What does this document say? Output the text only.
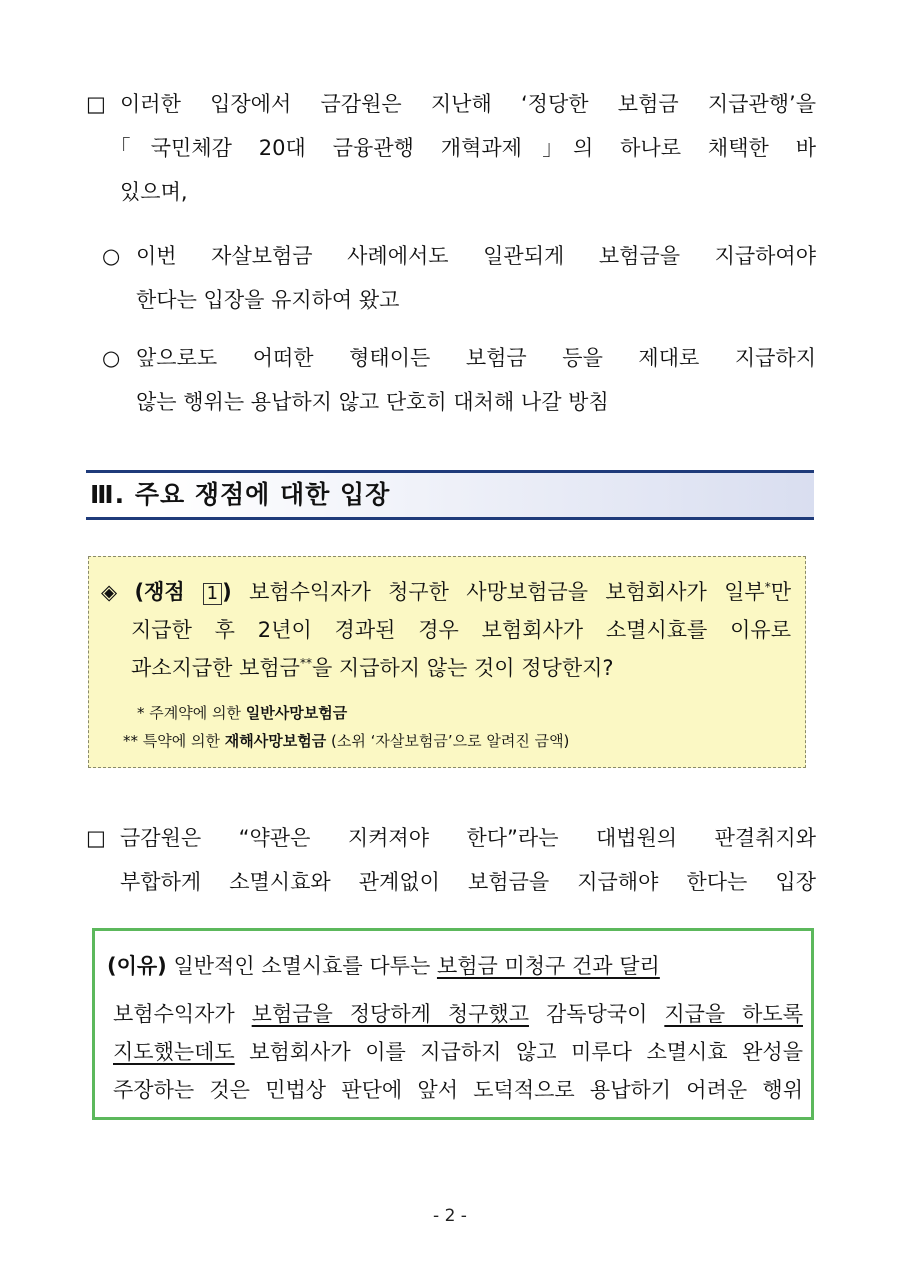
□ 이러한 입장에서 금감원은 지난해 ‘정당한 보험금 지급관행’을
｢국민체감 20대 금융관행 개혁과제｣의 하나로 채택한 바
있으며,
○ 이번 자살보험금 사례에서도 일관되게 보험금을 지급하여야
한다는 입장을 유지하여 왔고
○ 앞으로도 어떠한 형태이든 보험금 등을 제대로 지급하지
않는 행위는 용납하지 않고 단호히 대처해 나갈 방침
Ⅲ. 주요 쟁점에 대한 입장
◈ (쟁점 1 ) 보험수익자가 청구한 사망보험금을 보험회사가 일부*만
지급한 후 2년이 경과된 경우 보험회사가 소멸시효를 이유로
과소지급한 보험금**을 지급하지 않는 것이 정당한지?
* 주계약에 의한 일반사망보험금
** 특약에 의한 재해사망보험금 (소위 ‘자살보험금’으로 알려진 금액)
□ 금감원은 “약관은 지켜져야 한다”라는 대법원의 판결취지와
부합하게 소멸시효와 관계없이 보험금을 지급해야 한다는 입장
(이유) 일반적인 소멸시효를 다투는 보험금 미청구 건과 달리
보험수익자가 보험금을 정당하게 청구했고 감독당국이 지급을 하도록
지도했는데도 보험회사가 이를 지급하지 않고 미루다 소멸시효 완성을
주장하는 것은 민법상 판단에 앞서 도덕적으로 용납하기 어려운 행위
- 2 -
